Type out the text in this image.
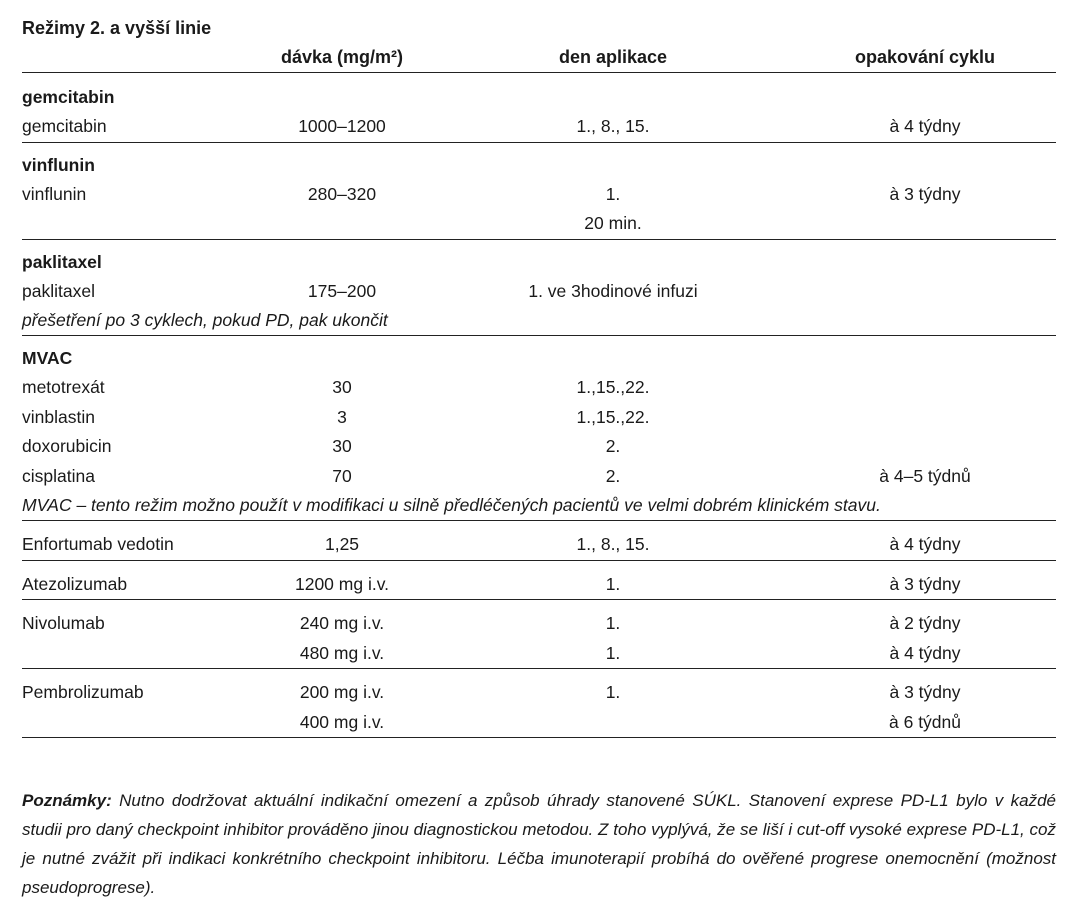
Režimy 2. a vyšší linie
dávka (mg/m²)	den aplikace	opakování cyklu
gemcitabin
gemcitabin	1000–1200	1., 8., 15.	à 4 týdny
vinflunin
vinflunin	280–320	1.	à 3 týdny
20 min.
paklitaxel
paklitaxel	175–200	1. ve 3hodinové infuzi
přešetření po 3 cyklech, pokud PD, pak ukončit
MVAC
metotrexát	30	1.,15.,22.
vinblastin	3	1.,15.,22.
doxorubicin	30	2.
cisplatina	70	2.	à 4–5 týdnů
MVAC – tento režim možno použít v modifikaci u silně předléčených pacientů ve velmi dobrém klinickém stavu.
Enfortumab vedotin	1,25	1., 8., 15.	à 4 týdny
Atezolizumab	1200 mg i.v.	1.	à 3 týdny
Nivolumab	240 mg i.v.	1.	à 2 týdny
480 mg i.v.	1.	à 4 týdny
Pembrolizumab	200 mg i.v.	1.	à 3 týdny
400 mg i.v.	à 6 týdnů
Poznámky: Nutno dodržovat aktuální indikační omezení a způsob úhrady stanovené SÚKL. Stanovení exprese PD-L1 bylo v každé studii pro daný checkpoint inhibitor prováděno jinou diagnostickou metodou. Z toho vyplývá, že se liší i cut-off vysoké exprese PD-L1, což je nutné zvážit při indikaci konkrétního checkpoint inhibitoru. Léčba imunoterapií probíhá do ověřené progrese onemocnění (možnost pseudoprogrese).
